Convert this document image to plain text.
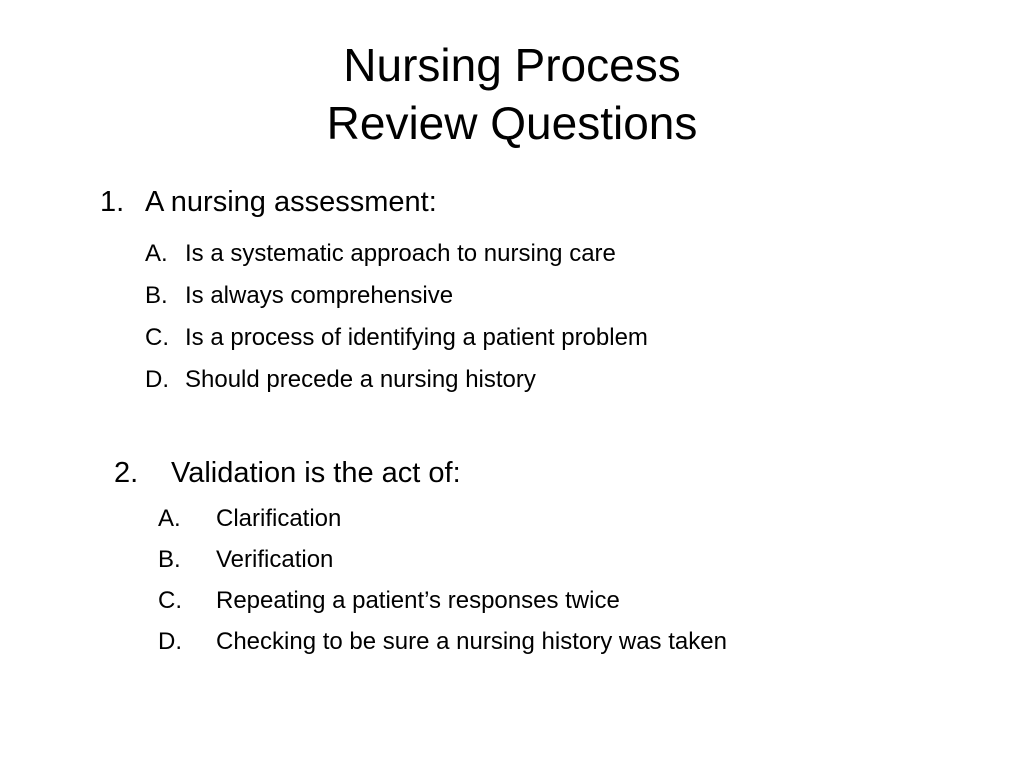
Nursing Process
Review Questions
1. A nursing assessment:
A. Is a systematic approach to nursing care
B. Is always comprehensive
C. Is a process of identifying a patient problem
D. Should precede a nursing history
2. Validation is the act of:
A. Clarification
B. Verification
C. Repeating a patient’s responses twice
D. Checking to be sure a nursing history was taken
